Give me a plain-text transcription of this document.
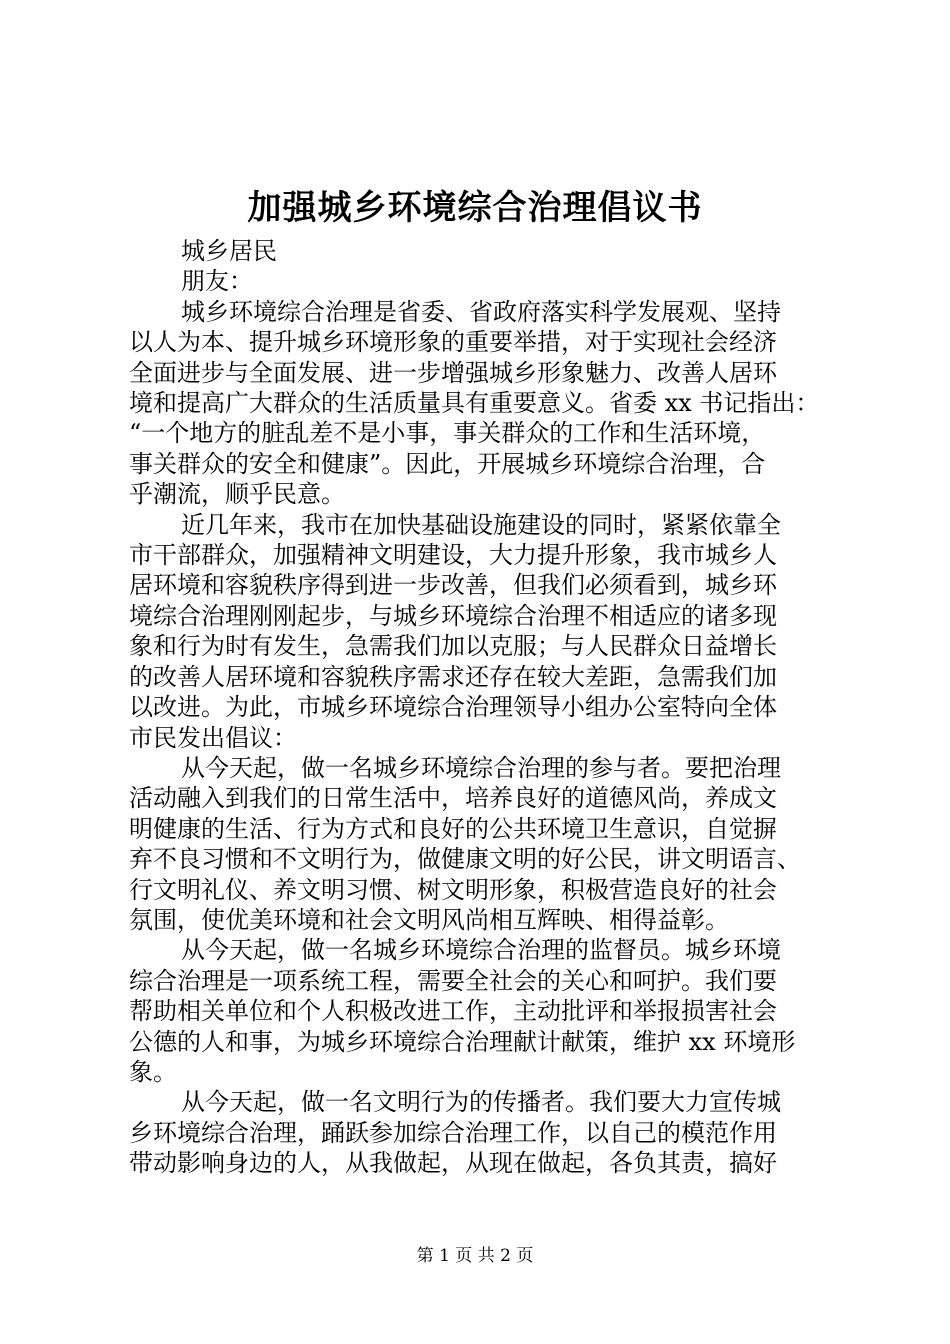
加强城乡环境综合治理倡议书

城乡居民

朋友：

城乡环境综合治理是省委、省政府落实科学发展观、坚持

以人为本、提升城乡环境形象的重要举措，对于实现社会经济

全面进步与全面发展、进一步增强城乡形象魅力、改善人居环

境和提高广大群众的生活质量具有重要意义。省委 xx 书记指出：

“一个地方的脏乱差不是小事，事关群众的工作和生活环境，

事关群众的安全和健康”。因此，开展城乡环境综合治理，合

乎潮流，顺乎民意。

近几年来，我市在加快基础设施建设的同时，紧紧依靠全

市干部群众，加强精神文明建设，大力提升形象，我市城乡人

居环境和容貌秩序得到进一步改善，但我们必须看到，城乡环

境综合治理刚刚起步，与城乡环境综合治理不相适应的诸多现

象和行为时有发生，急需我们加以克服；与人民群众日益增长

的改善人居环境和容貌秩序需求还存在较大差距，急需我们加

以改进。为此，市城乡环境综合治理领导小组办公室特向全体

市民发出倡议：

从今天起，做一名城乡环境综合治理的参与者。要把治理

活动融入到我们的日常生活中，培养良好的道德风尚，养成文

明健康的生活、行为方式和良好的公共环境卫生意识，自觉摒

弃不良习惯和不文明行为，做健康文明的好公民，讲文明语言、

行文明礼仪、养文明习惯、树文明形象，积极营造良好的社会

氛围，使优美环境和社会文明风尚相互辉映、相得益彰。

从今天起，做一名城乡环境综合治理的监督员。城乡环境

综合治理是一项系统工程，需要全社会的关心和呵护。我们要

帮助相关单位和个人积极改进工作，主动批评和举报损害社会

公德的人和事，为城乡环境综合治理献计献策，维护 xx 环境形

象。

从今天起，做一名文明行为的传播者。我们要大力宣传城

乡环境综合治理，踊跃参加综合治理工作，以自己的模范作用

带动影响身边的人，从我做起，从现在做起，各负其责，搞好

第 1 页 共 2 页
